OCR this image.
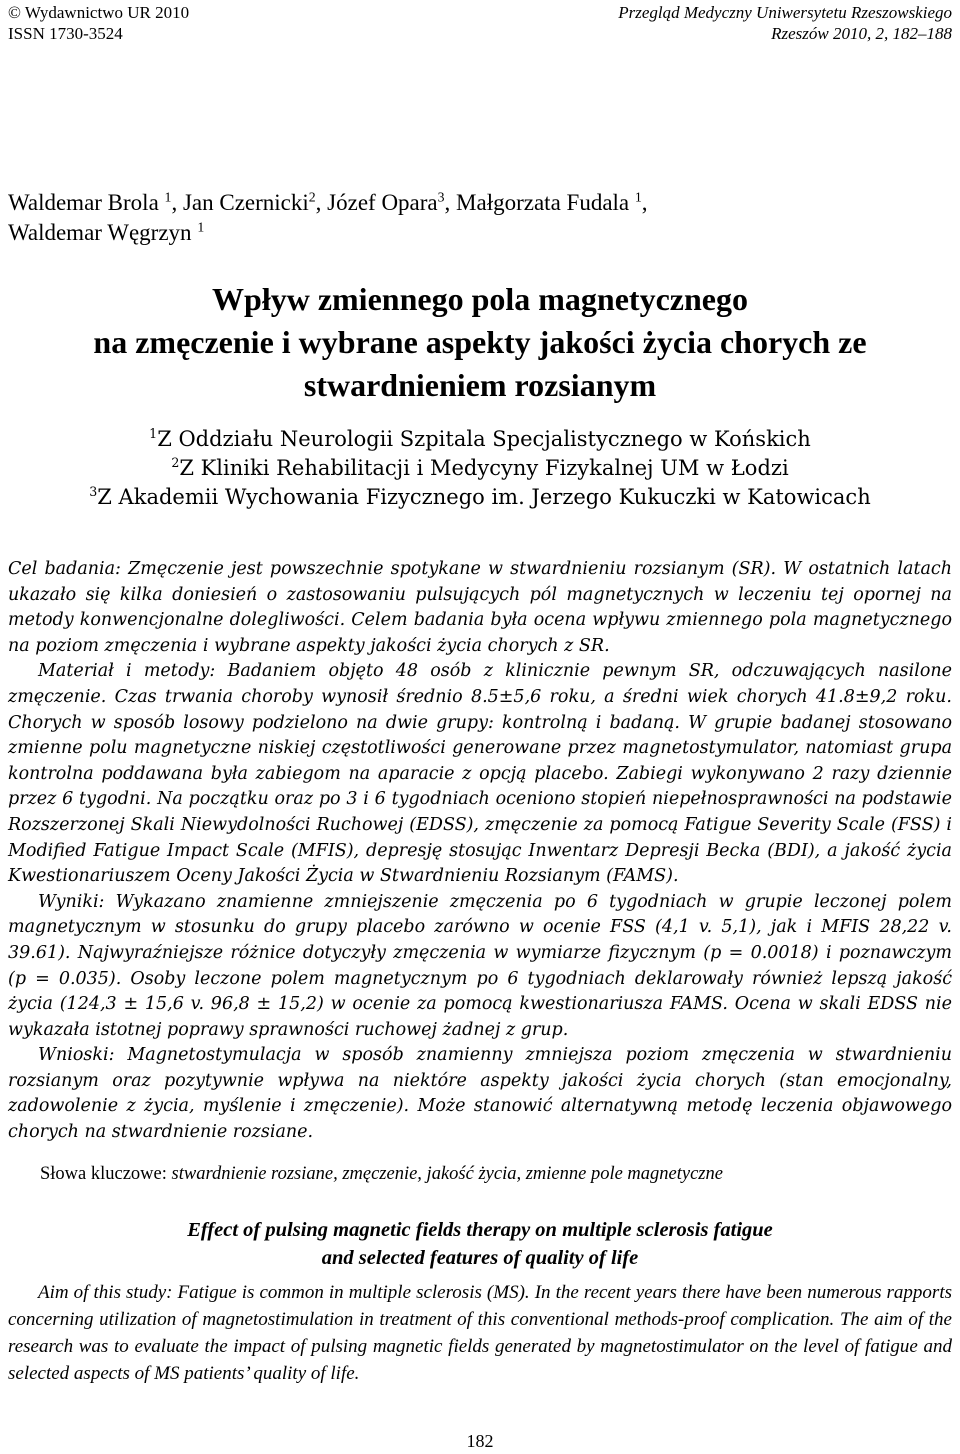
© Wydawnictwo UR 2010
ISSN 1730-3524
Przegląd Medyczny Uniwersytetu Rzeszowskiego
Rzeszów 2010, 2, 182–188
Waldemar Brola $^1$, Jan Czernicki$^2$, Józef Opara$^3$, Małgorzata Fudala $^1$,
Waldemar Węgrzyn $^1$
Wpływ zmiennego pola magnetycznego
na zmęczenie i wybrane aspekty jakości życia chorych ze
stwardnieniem rozsianym
$^1$Z Oddziału Neurologii Szpitala Specjalistycznego w Końskich
$^2$Z Kliniki Rehabilitacji i Medycyny Fizykalnej UM w Łodzi
$^3$Z Akademii Wychowania Fizycznego im. Jerzego Kukuczki w Katowicach

Cel badania: Zmęczenie jest powszechnie spotykane w stwardnieniu rozsianym (SR). W ostatnich latach ukazało się kilka doniesień o zastosowaniu pulsujących pól magnetycznych w leczeniu tej opornej na metody konwencjonalne dolegliwości. Celem badania była ocena wpływu zmiennego pola magnetycznego na poziom zmęczenia i wybrane aspekty jakości życia chorych z SR.

Materiał i metody: Badaniem objęto 48 osób z klinicznie pewnym SR, odczuwających nasilone zmęczenie. Czas trwania choroby wynosił średnio 8.5±5,6 roku, a średni wiek chorych 41.8±9,2 roku. Chorych w sposób losowy podzielono na dwie grupy: kontrolną i badaną. W grupie badanej stosowano zmienne polu magnetyczne niskiej częstotliwości generowane przez magnetostymulator, natomiast grupa kontrolna poddawana była zabiegom na aparacie z opcją placebo. Zabiegi wykonywano 2 razy dziennie przez 6 tygodni. Na początku oraz po 3 i 6 tygodniach oceniono stopień niepełnosprawności na podstawie Rozszerzonej Skali Niewydolności Ruchowej (EDSS), zmęczenie za pomocą Fatigue Severity Scale (FSS) i Modified Fatigue Impact Scale (MFIS), depresję stosując Inwentarz Depresji Becka (BDI), a jakość życia Kwestionariuszem Oceny Jakości Życia w Stwardnieniu Rozsianym (FAMS).

Wyniki: Wykazano znamienne zmniejszenie zmęczenia po 6 tygodniach w grupie leczonej polem magnetycznym w stosunku do grupy placebo zarówno w ocenie FSS (4,1 v. 5,1), jak i MFIS 28,22 v. 39.61). Najwyraźniejsze różnice dotyczyły zmęczenia w wymiarze fizycznym (p = 0.0018) i poznawczym (p = 0.035). Osoby leczone polem magnetycznym po 6 tygodniach deklarowały również lepszą jakość życia (124,3 ± 15,6 v. 96,8 ± 15,2) w ocenie za pomocą kwestionariusza FAMS. Ocena w skali EDSS nie wykazała istotnej poprawy sprawności ruchowej żadnej z grup.

Wnioski: Magnetostymulacja w sposób znamienny zmniejsza poziom zmęczenia w stwardnieniu rozsianym oraz pozytywnie wpływa na niektóre aspekty jakości życia chorych (stan emocjonalny, zadowolenie z życia, myślenie i zmęczenie). Może stanowić alternatywną metodę leczenia objawowego chorych na stwardnienie rozsiane.

Słowa kluczowe: stwardnienie rozsiane, zmęczenie, jakość życia, zmienne pole magnetyczne
Effect of pulsing magnetic fields therapy on multiple sclerosis fatigue
and selected features of quality of life

Aim of this study: Fatigue is common in multiple sclerosis (MS). In the recent years there have been numerous rapports concerning utilization of magnetostimulation in treatment of this conventional methods-proof complication. The aim of the research was to evaluate the impact of pulsing magnetic fields generated by magnetostimulator on the level of fatigue and selected aspects of MS patients’ quality of life.

182
